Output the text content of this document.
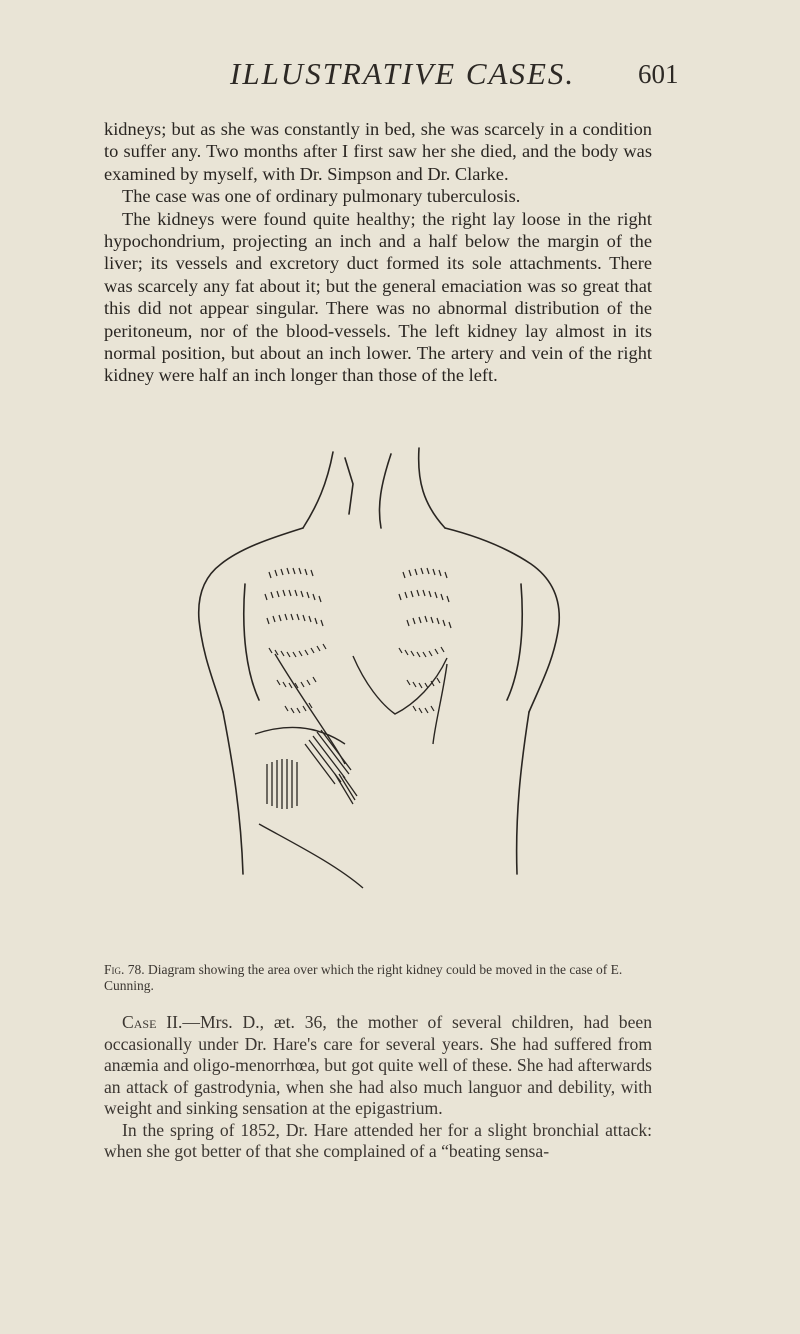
ILLUSTRATIVE CASES. 601

kidneys; but as she was constantly in bed, she was scarcely in a condition to suffer any. Two months after I first saw her she died, and the body was examined by myself, with Dr. Simpson and Dr. Clarke.

The case was one of ordinary pulmonary tuberculosis.

The kidneys were found quite healthy; the right lay loose in the right hypochondrium, projecting an inch and a half below the margin of the liver; its vessels and excretory duct formed its sole attachments. There was scarcely any fat about it; but the general emaciation was so great that this did not appear singular. There was no abnormal distribution of the peritoneum, nor of the blood-vessels. The left kidney lay almost in its normal position, but about an inch lower. The artery and vein of the right kidney were half an inch longer than those of the left.

Fig. 78. Diagram showing the area over which the right kidney could be moved in the case of E. Cunning.

Case II.—Mrs. D., æt. 36, the mother of several children, had been occasionally under Dr. Hare's care for several years. She had suffered from anæmia and oligo-menorrhœa, but got quite well of these. She had afterwards an attack of gastrodynia, when she had also much languor and debility, with weight and sinking sensation at the epigastrium.

In the spring of 1852, Dr. Hare attended her for a slight bronchial attack: when she got better of that she complained of a “beating sensa-
